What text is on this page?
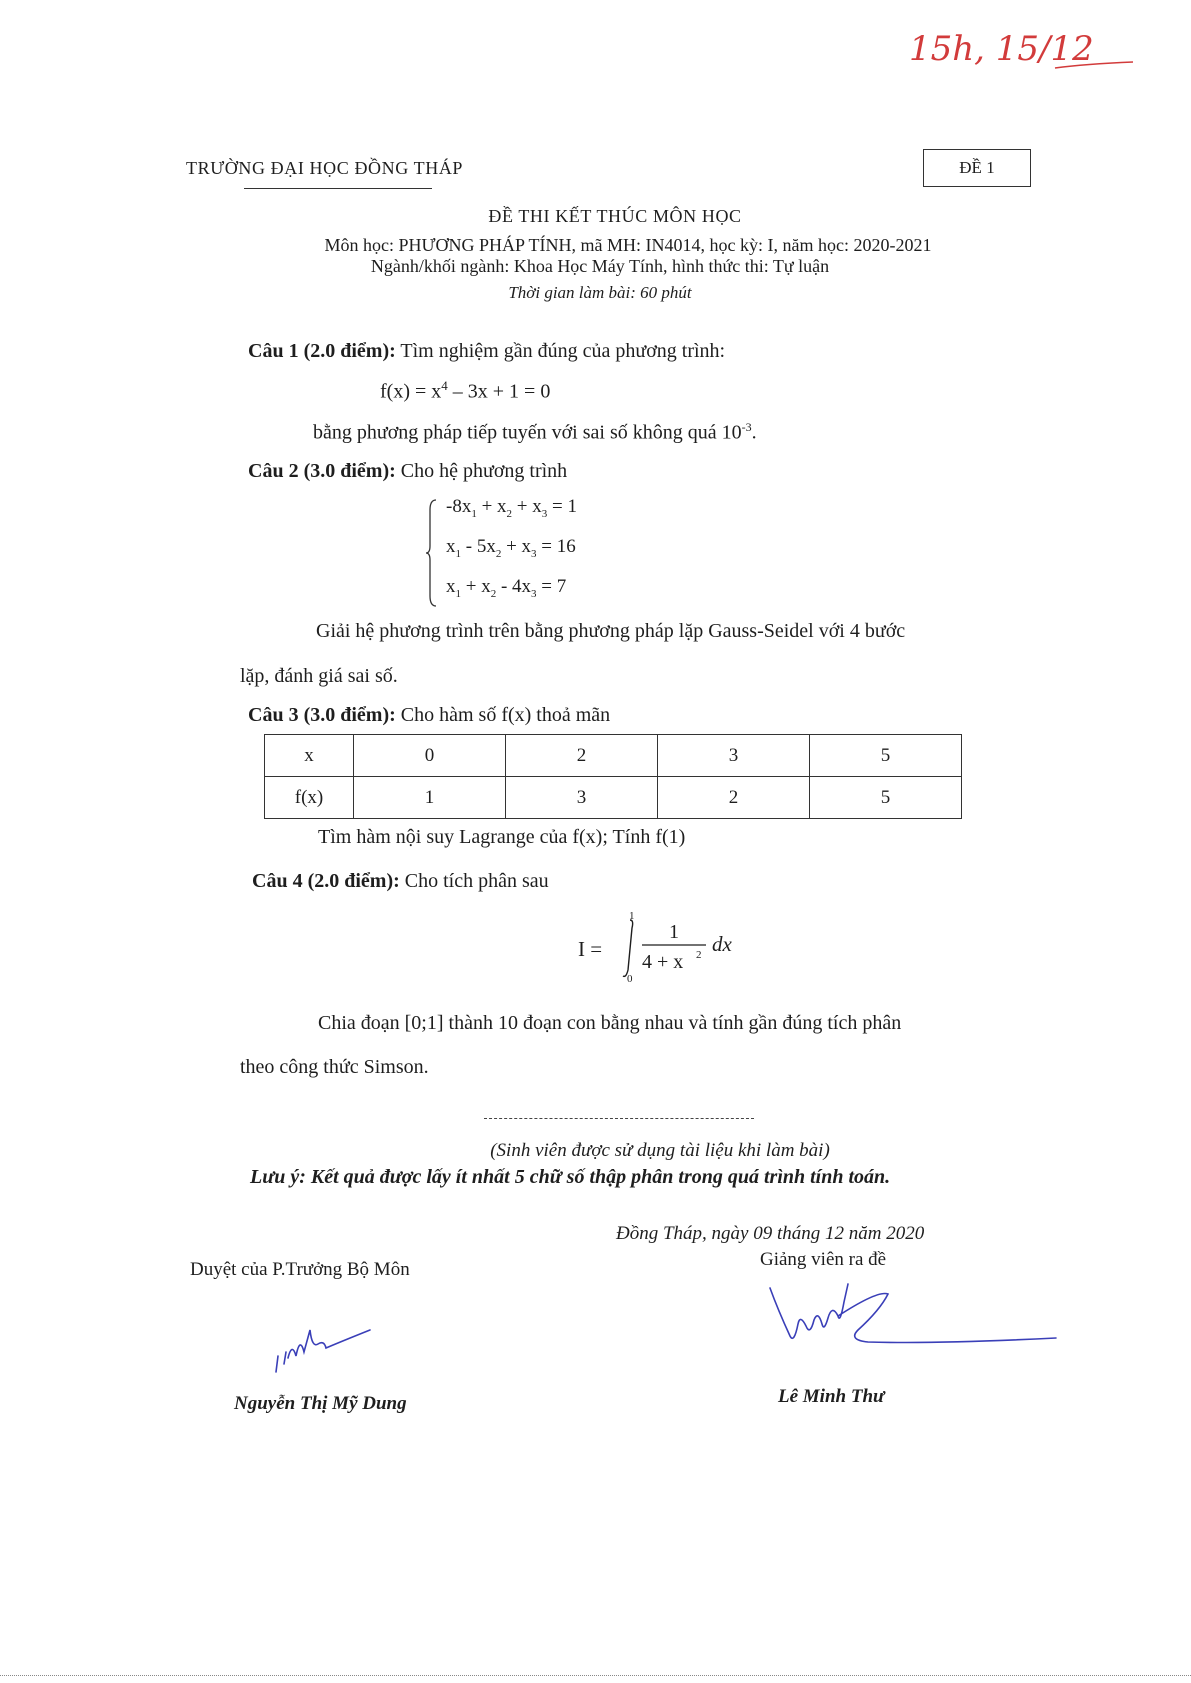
15h, 15/12
TRƯỜNG ĐẠI HỌC ĐỒNG THÁP	ĐỀ 1
ĐỀ THI KẾT THÚC MÔN HỌC
Môn học: PHƯƠNG PHÁP TÍNH, mã MH: IN4014, học kỳ: I, năm học: 2020-2021
Ngành/khối ngành: Khoa Học Máy Tính, hình thức thi: Tự luận
Thời gian làm bài: 60 phút
Câu 1 (2.0 điểm): Tìm nghiệm gần đúng của phương trình:
$f(x) = x^4 - 3x + 1 = 0$
bằng phương pháp tiếp tuyến với sai số không quá $10^{-3}$.
Câu 2 (3.0 điểm): Cho hệ phương trình
$-8x_1 + x_2 + x_3 = 1$
$x_1 - 5x_2 + x_3 = 16$
$x_1 + x_2 - 4x_3 = 7$
Giải hệ phương trình trên bằng phương pháp lặp Gauss-Seidel với 4 bước
lặp, đánh giá sai số.
Câu 3 (3.0 điểm): Cho hàm số f(x) thoả mãn
x	0	2	3	5
f(x)	1	3	2	5
Tìm hàm nội suy Lagrange của f(x); Tính f(1)
Câu 4 (2.0 điểm): Cho tích phân sau
I =
1
0
1
4 + x 2 dx
Chia đoạn [0;1] thành 10 đoạn con bằng nhau và tính gần đúng tích phân
theo công thức Simson.
(Sinh viên được sử dụng tài liệu khi làm bài)
Lưu ý: Kết quả được lấy ít nhất 5 chữ số thập phân trong quá trình tính toán.
Đồng Tháp, ngày 09 tháng 12 năm 2020
Giảng viên ra đề
Duyệt của P.Trưởng Bộ Môn
Nguyễn Thị Mỹ Dung	Lê Minh Thư
